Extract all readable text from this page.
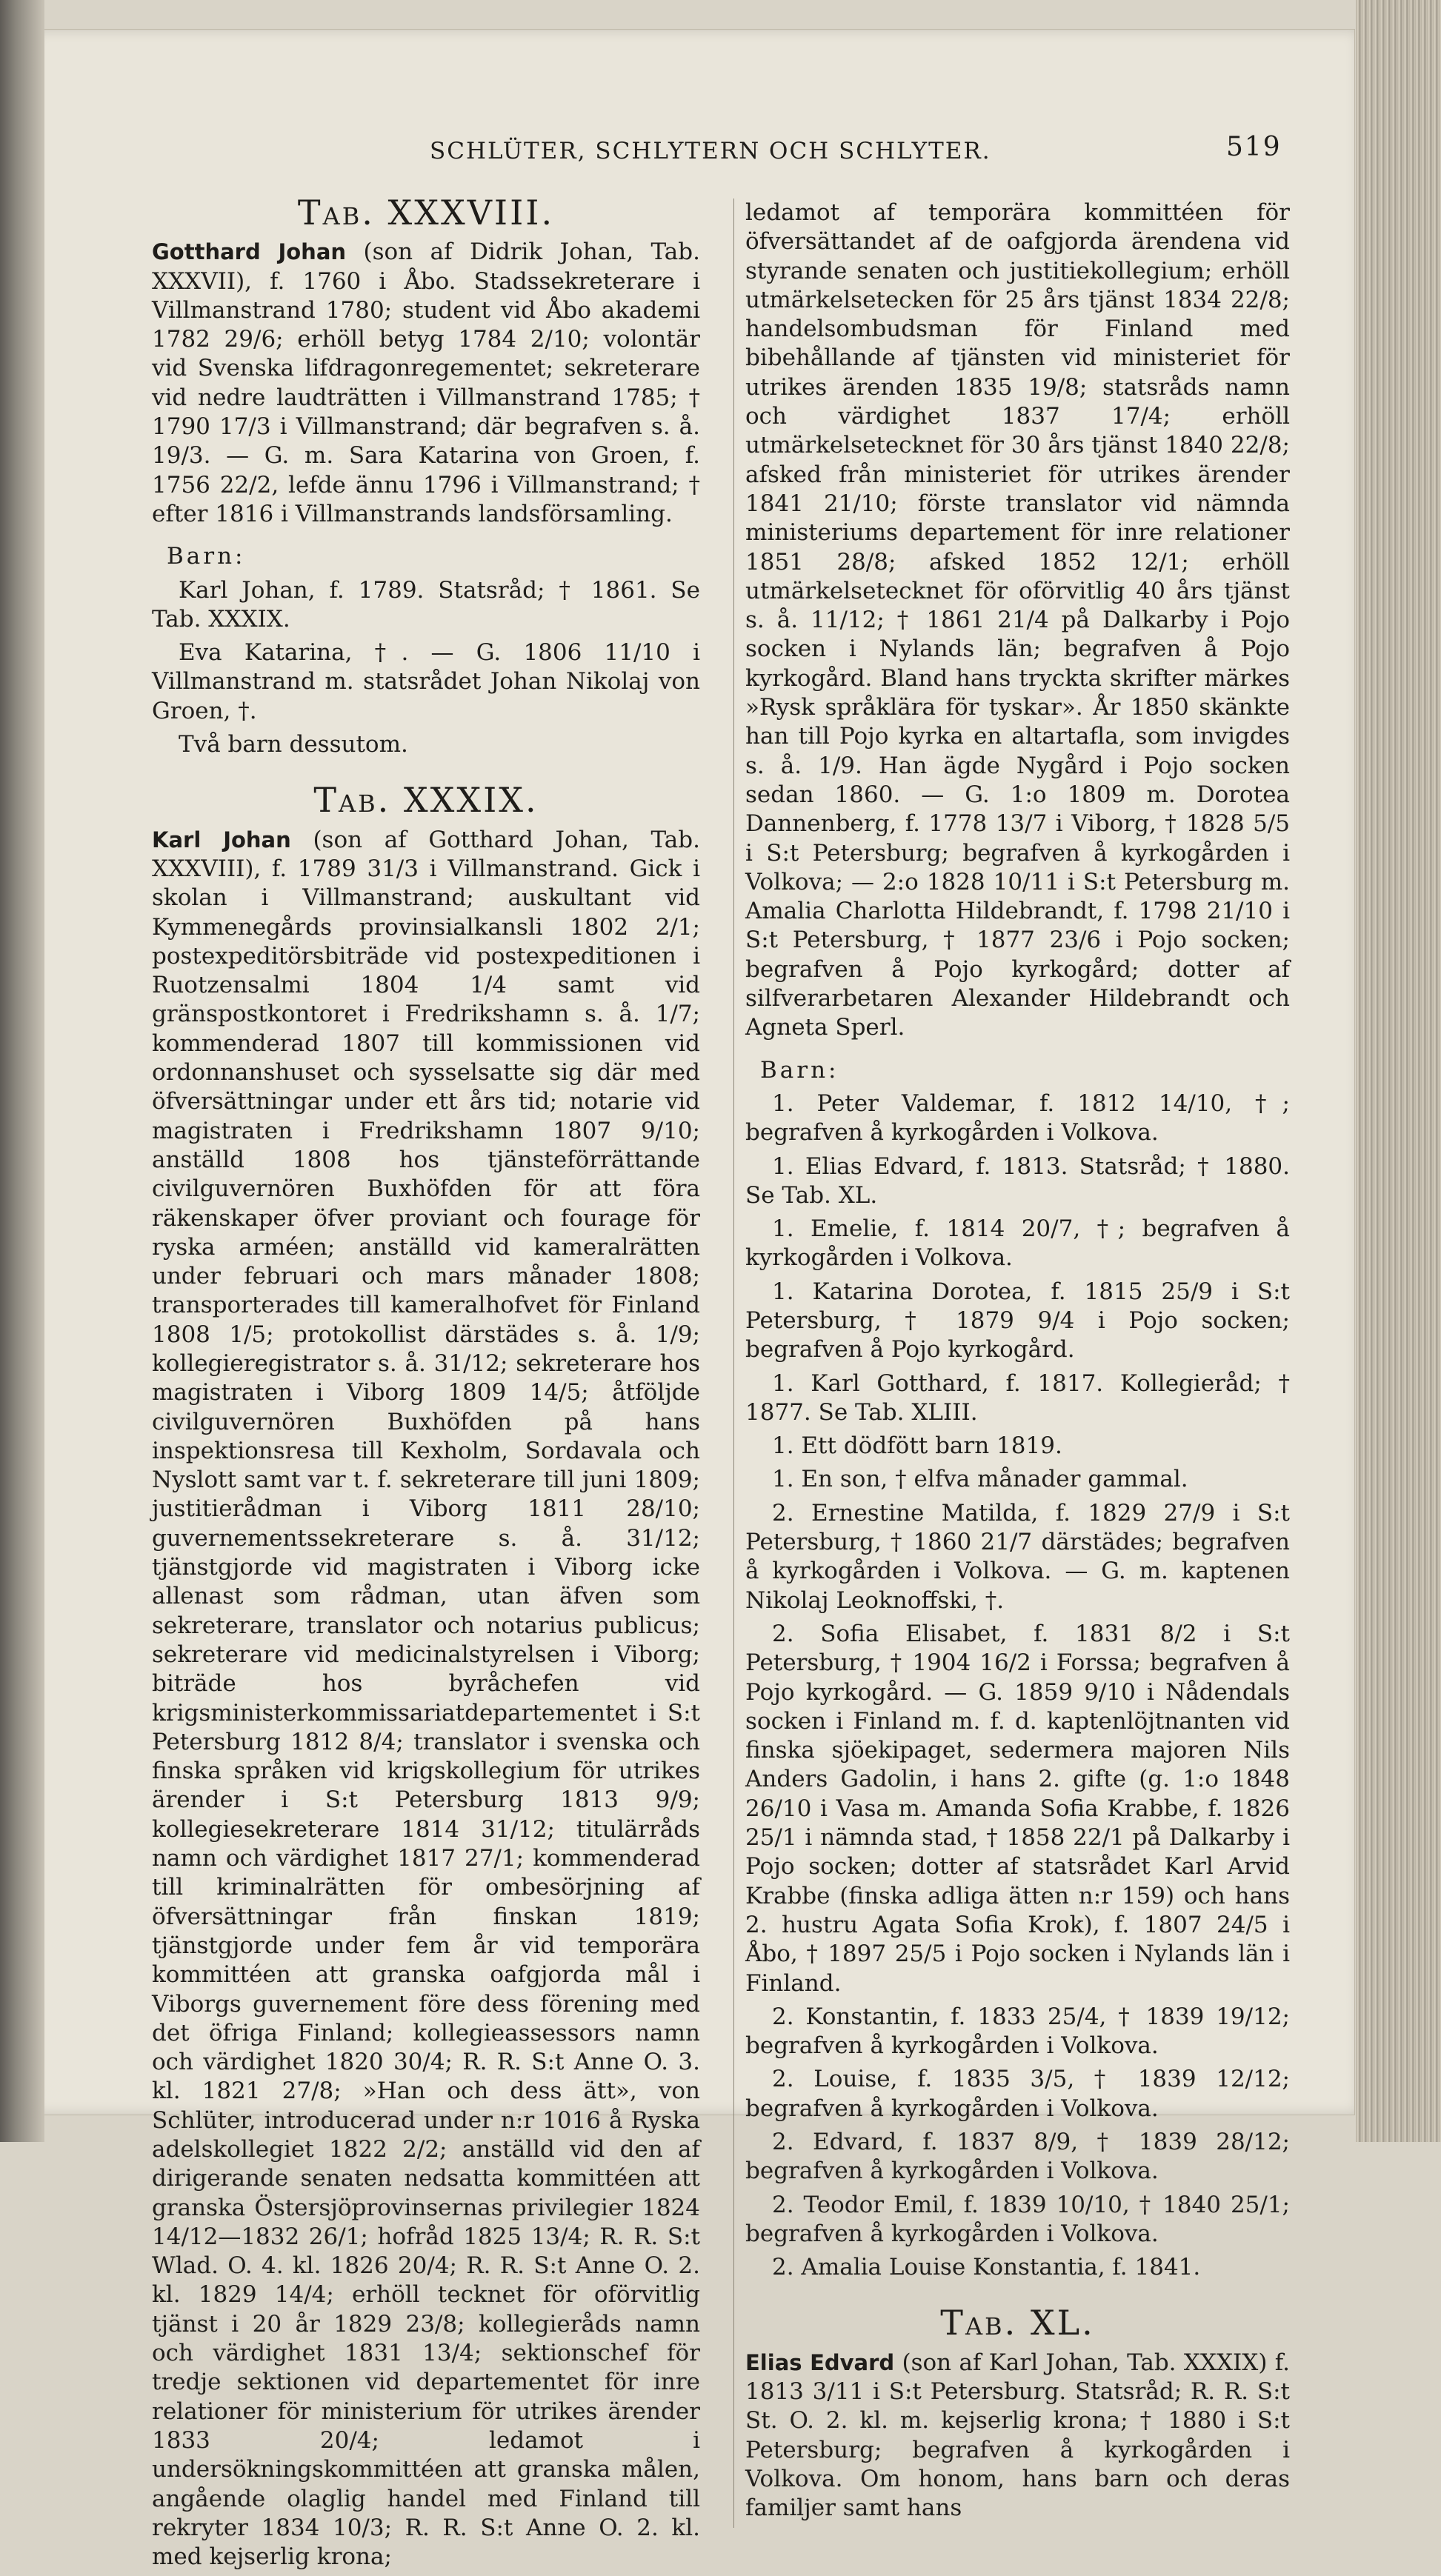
SCHLÜTER, SCHLYTERN OCH SCHLYTER.	519
Tab. XXXVIII.

Gotthard Johan (son af Didrik Johan, Tab. XXXVII), f. 1760 i Åbo. Stadssekreterare i Villmanstrand 1780; student vid Åbo akademi 1782 29/6; erhöll betyg 1784 2/10; volontär vid Svenska lifdragonregementet; sekreterare vid nedre laudträtten i Villmanstrand 1785; † 1790 17/3 i Villmanstrand; där begrafven s. å. 19/3. — G. m. Sara Katarina von Groen, f. 1756 22/2, lefde ännu 1796 i Villmanstrand; † efter 1816 i Villmanstrands landsförsamling.

Barn:

Karl Johan, f. 1789. Statsråd; † 1861. Se Tab. XXXIX.

Eva Katarina, †. — G. 1806 11/10 i Villmanstrand m. statsrådet Johan Nikolaj von Groen, †.

Två barn dessutom.

Tab. XXXIX.

Karl Johan (son af Gotthard Johan, Tab. XXXVIII), f. 1789 31/3 i Villmanstrand. Gick i skolan i Villmanstrand; auskultant vid Kymmenegårds provinsialkansli 1802 2/1; postexpeditörsbiträde vid postexpeditionen i Ruotzensalmi 1804 1/4 samt vid gränspostkontoret i Fredrikshamn s. å. 1/7; kommenderad 1807 till kommissionen vid ordonnanshuset och sysselsatte sig där med öfversättningar under ett års tid; notarie vid magistraten i Fredrikshamn 1807 9/10; anställd 1808 hos tjänsteförrättande civilguvernören Buxhöfden för att föra räkenskaper öfver proviant och fourage för ryska arméen; anställd vid kameralrätten under februari och mars månader 1808; transporterades till kameralhofvet för Finland 1808 1/5; protokollist därstädes s. å. 1/9; kollegieregistrator s. å. 31/12; sekreterare hos magistraten i Viborg 1809 14/5; åtföljde civilguvernören Buxhöfden på hans inspektionsresa till Kexholm, Sordavala och Nyslott samt var t. f. sekreterare till juni 1809; justitierådman i Viborg 1811 28/10; guvernementssekreterare s. å. 31/12; tjänstgjorde vid magistraten i Viborg icke allenast som rådman, utan äfven som sekreterare, translator och notarius publicus; sekreterare vid medicinalstyrelsen i Viborg; biträde hos byråchefen vid krigsministerkommissariatdepartementet i S:t Petersburg 1812 8/4; translator i svenska och finska språken vid krigskollegium för utrikes ärender i S:t Petersburg 1813 9/9; kollegiesekreterare 1814 31/12; titulärråds namn och värdighet 1817 27/1; kommenderad till kriminalrätten för ombesörjning af öfversättningar från finskan 1819; tjänstgjorde under fem år vid temporära kommittéen att granska oafgjorda mål i Viborgs guvernement före dess förening med det öfriga Finland; kollegieassessors namn och värdighet 1820 30/4; R. R. S:t Anne O. 3. kl. 1821 27/8; »Han och dess ätt», von Schlüter, introducerad under n:r 1016 å Ryska adelskollegiet 1822 2/2; anställd vid den af dirigerande senaten nedsatta kommittéen att granska Östersjöprovinsernas privilegier 1824 14/12—1832 26/1; hofråd 1825 13/4; R. R. S:t Wlad. O. 4. kl. 1826 20/4; R. R. S:t Anne O. 2. kl. 1829 14/4; erhöll tecknet för oförvitlig tjänst i 20 år 1829 23/8; kollegieråds namn och värdighet 1831 13/4; sektionschef för tredje sektionen vid departementet för inre relationer för ministerium för utrikes ärender 1833 20/4; ledamot i undersökningskommittéen att granska målen, angående olaglig handel med Finland till rekryter 1834 10/3; R. R. S:t Anne O. 2. kl. med kejserlig krona;

ledamot af temporära kommittéen för öfversättandet af de oafgjorda ärendena vid styrande senaten och justitiekollegium; erhöll utmärkelsetecken för 25 års tjänst 1834 22/8; handelsombudsman för Finland med bibehållande af tjänsten vid ministeriet för utrikes ärenden 1835 19/8; statsråds namn och värdighet 1837 17/4; erhöll utmärkelsetecknet för 30 års tjänst 1840 22/8; afsked från ministeriet för utrikes ärender 1841 21/10; förste translator vid nämnda ministeriums departement för inre relationer 1851 28/8; afsked 1852 12/1; erhöll utmärkelsetecknet för oförvitlig 40 års tjänst s. å. 11/12; † 1861 21/4 på Dalkarby i Pojo socken i Nylands län; begrafven å Pojo kyrkogård. Bland hans tryckta skrifter märkes »Rysk språklära för tyskar». År 1850 skänkte han till Pojo kyrka en altartafla, som invigdes s. å. 1/9. Han ägde Nygård i Pojo socken sedan 1860. — G. 1:o 1809 m. Dorotea Dannenberg, f. 1778 13/7 i Viborg, † 1828 5/5 i S:t Petersburg; begrafven å kyrkogården i Volkova; — 2:o 1828 10/11 i S:t Petersburg m. Amalia Charlotta Hildebrandt, f. 1798 21/10 i S:t Petersburg, † 1877 23/6 i Pojo socken; begrafven å Pojo kyrkogård; dotter af silfverarbetaren Alexander Hildebrandt och Agneta Sperl.

Barn:

1. Peter Valdemar, f. 1812 14/10, †; begrafven å kyrkogården i Volkova.

1. Elias Edvard, f. 1813. Statsråd; † 1880. Se Tab. XL.

1. Emelie, f. 1814 20/7, †; begrafven å kyrkogården i Volkova.

1. Katarina Dorotea, f. 1815 25/9 i S:t Petersburg, † 1879 9/4 i Pojo socken; begrafven å Pojo kyrkogård.

1. Karl Gotthard, f. 1817. Kollegieråd; † 1877. Se Tab. XLIII.

1. Ett dödfött barn 1819.

1. En son, † elfva månader gammal.

2. Ernestine Matilda, f. 1829 27/9 i S:t Petersburg, † 1860 21/7 därstädes; begrafven å kyrkogården i Volkova. — G. m. kaptenen Nikolaj Leoknoffski, †.

2. Sofia Elisabet, f. 1831 8/2 i S:t Petersburg, † 1904 16/2 i Forssa; begrafven å Pojo kyrkogård. — G. 1859 9/10 i Nådendals socken i Finland m. f. d. kaptenlöjtnanten vid finska sjöekipaget, sedermera majoren Nils Anders Gadolin, i hans 2. gifte (g. 1:o 1848 26/10 i Vasa m. Amanda Sofia Krabbe, f. 1826 25/1 i nämnda stad, † 1858 22/1 på Dalkarby i Pojo socken; dotter af statsrådet Karl Arvid Krabbe (finska adliga ätten n:r 159) och hans 2. hustru Agata Sofia Krok), f. 1807 24/5 i Åbo, † 1897 25/5 i Pojo socken i Nylands län i Finland.

2. Konstantin, f. 1833 25/4, † 1839 19/12; begrafven å kyrkogården i Volkova.

2. Louise, f. 1835 3/5, † 1839 12/12; begrafven å kyrkogården i Volkova.

2. Edvard, f. 1837 8/9, † 1839 28/12; begrafven å kyrkogården i Volkova.

2. Teodor Emil, f. 1839 10/10, † 1840 25/1; begrafven å kyrkogården i Volkova.

2. Amalia Louise Konstantia, f. 1841.

Tab. XL.

Elias Edvard (son af Karl Johan, Tab. XXXIX) f. 1813 3/11 i S:t Petersburg. Statsråd; R. R. S:t St. O. 2. kl. m. kejserlig krona; † 1880 i S:t Petersburg; begrafven å kyrkogården i Volkova. Om honom, hans barn och deras familjer samt hans
